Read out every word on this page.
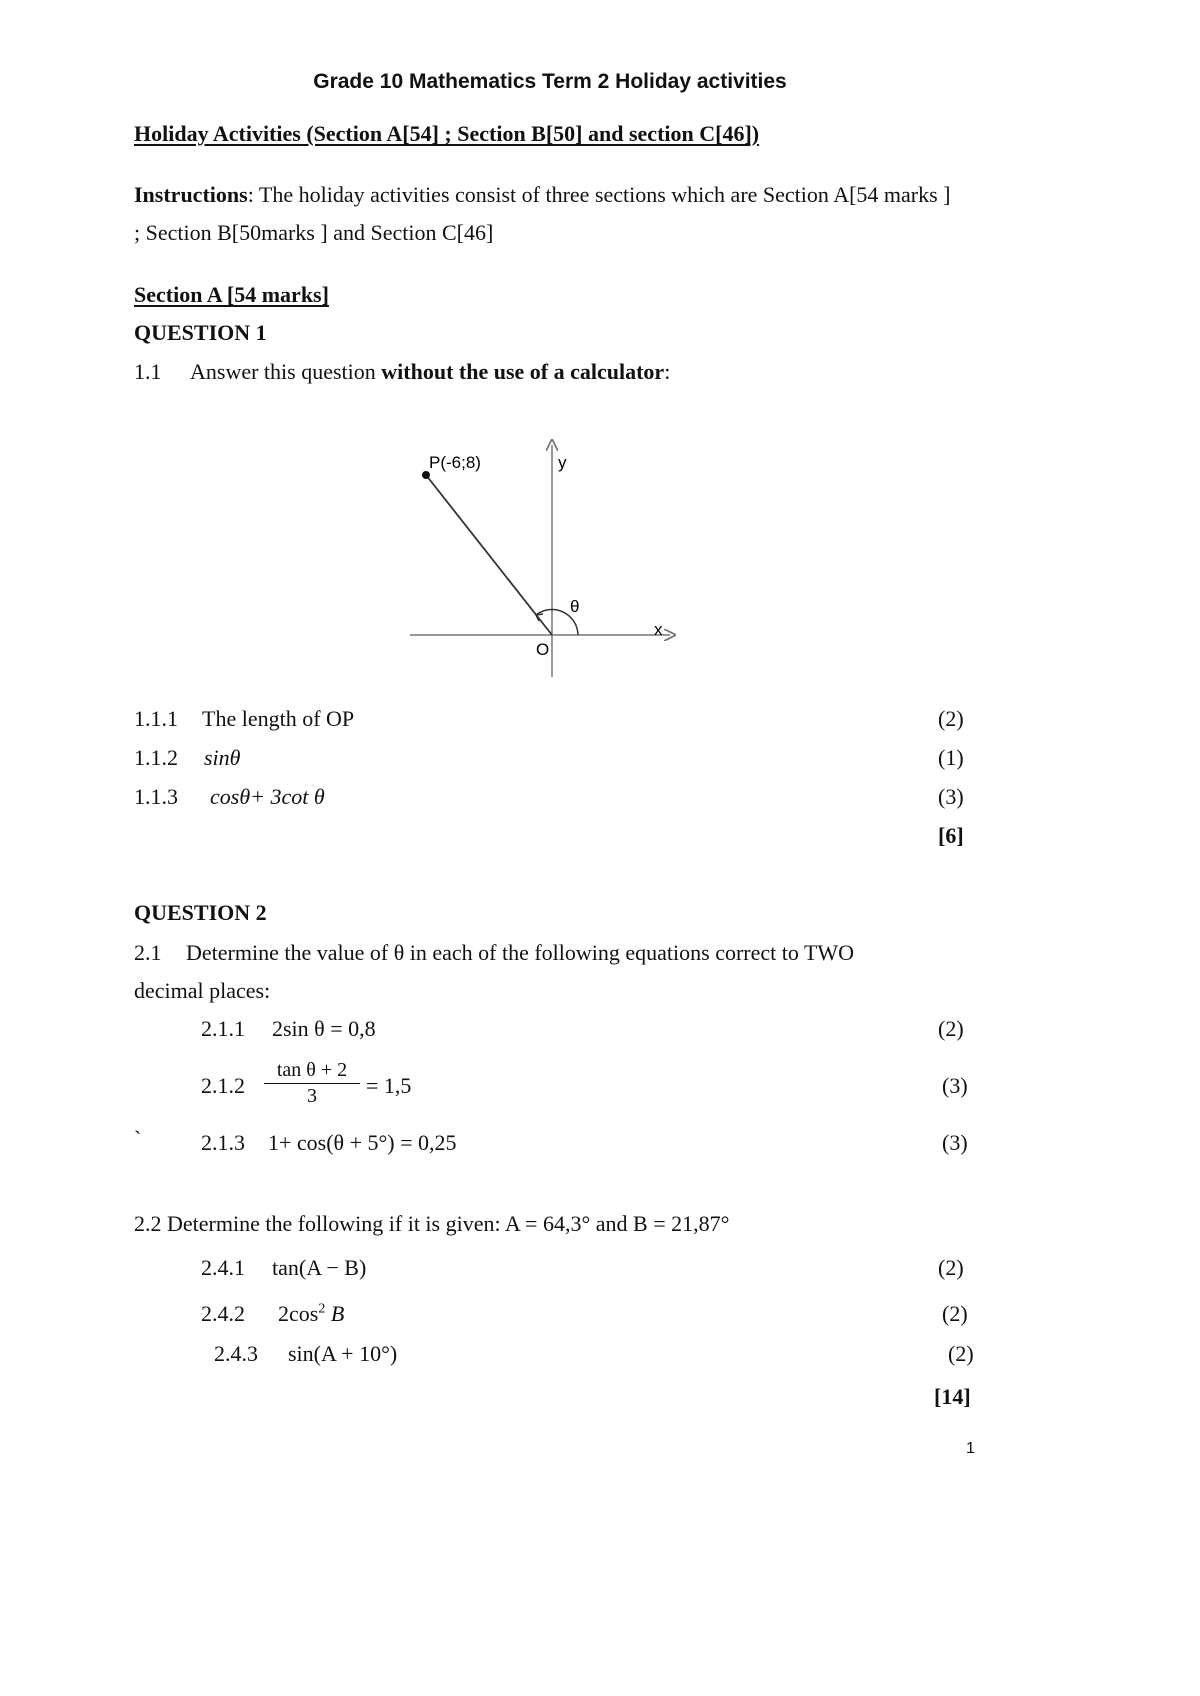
Grade 10 Mathematics Term 2 Holiday activities
Holiday Activities (Section A[54] ; Section B[50] and section C[46])
Instructions: The holiday activities consist of three sections which are Section A[54 marks ]
; Section B[50marks ] and Section C[46]
Section A [54 marks]
QUESTION 1
1.1 Answer this question without the use of a calculator:
P(-6;8)	y
x
O
θ
1.1.1 The length of OP	(2)
1.1.2 sinθ	(1)
1.1.3 cosθ+ 3cot θ	(3)
[6]
QUESTION 2
2.1 Determine the value of θ in each of the following equations correct to TWO
decimal places:
2.1.1 2sin θ = 0,8	(2)
$2.1.2 \frac{\text{tan θ + 2}}{3} = 1,5$	(3)
`	2.1.3 1+ cos(θ + 5°) = 0,25	(3)
2.2 Determine the following if it is given: A = 64,3° and B = 21,87°
2.4.1 tan(A − B)	(2)
2.4.2 $2\cos^2$ B	(2)
2.4.3 sin(A + 10°)	(2)
[14]
1
